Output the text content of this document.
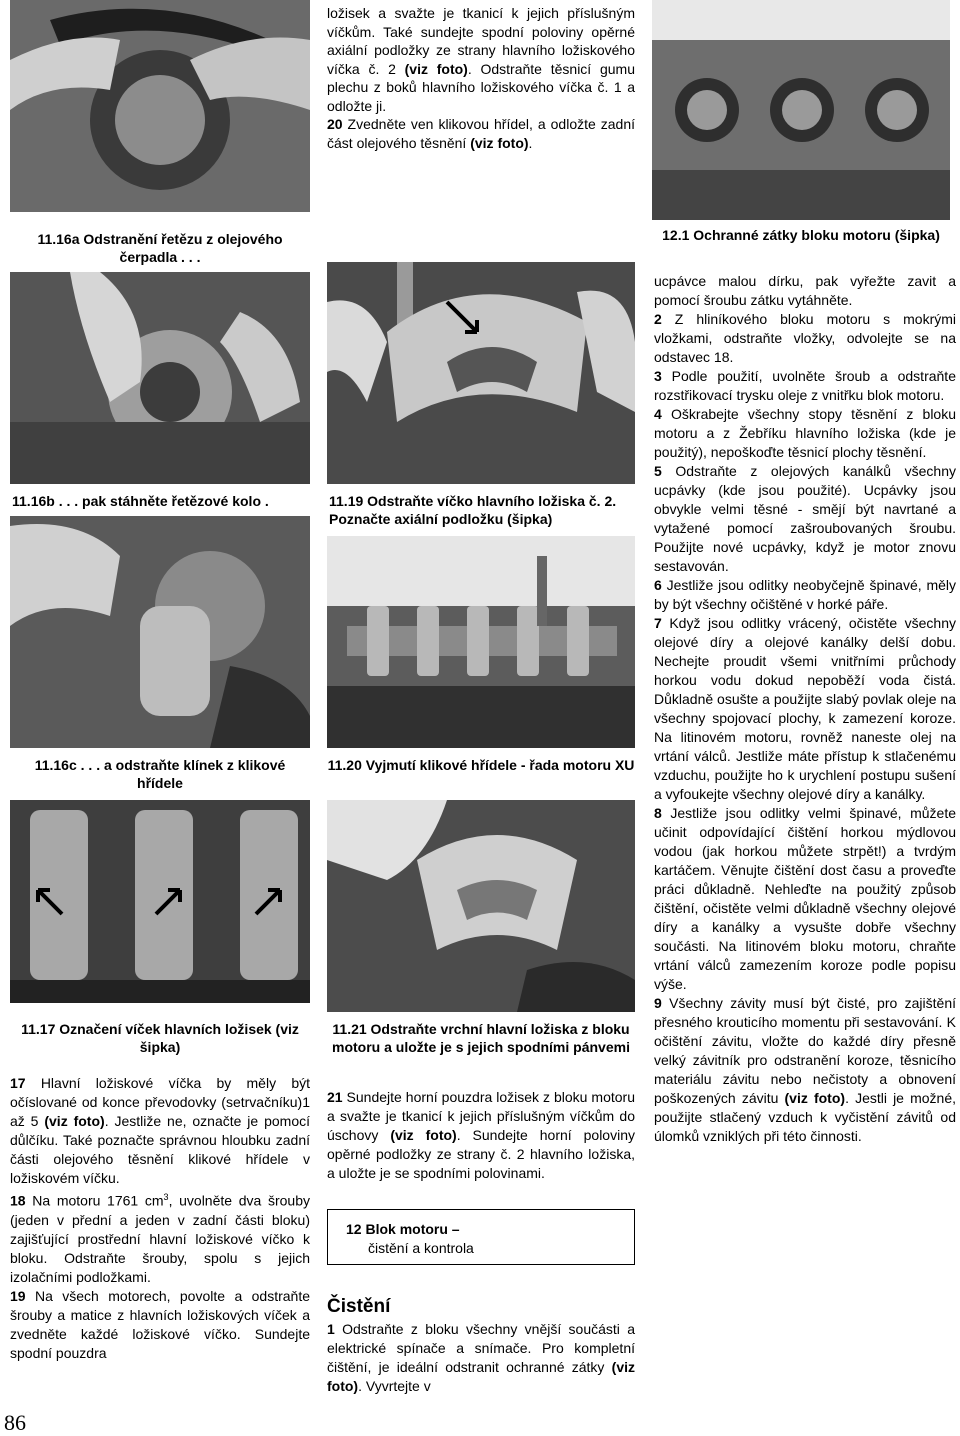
11.16a Odstranění řetězu z olejového čerpadla . . .
11.16b . . . pak stáhněte řetězové kolo .
11.16c . . . a odstraňte klínek z klikové hřídele
11.17 Označení víček hlavních ložisek (viz šipka)
11.19 Odstraňte víčko hlavního ložiska č. 2. Poznačte axiální podložku (šipka)
11.20 Vyjmutí klikové hřídele - řada motoru XU
11.21 Odstraňte vrchní hlavní ložiska z bloku motoru a uložte je s jejich spodními pánvemi
12.1 Ochranné zátky bloku motoru (šipka)

17 Hlavní ložiskové víčka by měly být očíslované od konce převodovky (setrvačníku)1 až 5 (viz foto). Jestliže ne, označte je pomocí důlčíku. Také poznačte správnou hloubku zadní části olejového těsnění klikové hřídele v ložiskovém víčku.

18 Na motoru 1761 $cm^3$, uvolněte dva šrouby (jeden v přední a jeden v zadní části bloku) zajišťující prostřední hlavní ložiskové víčko k bloku. Odstraňte šrouby, spolu s jejich izolačními podložkami.

19 Na všech motorech, povolte a odstraňte šrouby a matice z hlavních ložiskových víček a zvedněte každé ložiskové víčko. Sundejte spodní pouzdra

ložisek a svažte je tkanicí k jejich příslušným víčkům. Také sundejte spodní poloviny opěrné axiální podložky ze strany hlavního ložiskového víčka č. 2 (viz foto). Odstraňte těsnicí gumu plechu z boků hlavního ložiskového víčka č. 1 a odložte ji.

20 Zvedněte ven klikovou hřídel, a odložte zadní část olejového těsnění (viz foto).

21 Sundejte horní pouzdra ložisek z bloku motoru a svažte je tkanicí k jejich příslušným víčkům do úschovy (viz foto). Sundejte horní poloviny opěrné podložky ze strany č. 2 hlavního ložiska, a uložte je se spodními polovinami.

12 Blok motoru –
čistění a kontrola
Čistění

1 Odstraňte z bloku všechny vnější součásti a elektrické spínače a snímače. Pro kompletní čištění, je ideální odstranit ochranné zátky (viz foto). Vyvrtejte v

ucpávce malou dírku, pak vyřežte zavit a pomocí šroubu zátku vytáhněte.

2 Z hliníkového bloku motoru s mokrými vložkami, odstraňte vložky, odvolejte se na odstavec 18.

3 Podle použití, uvolněte šroub a odstraňte rozstřikovací trysku oleje z vnitřku blok motoru.

4 Oškrabejte všechny stopy těsnění z bloku motoru a z Žebříku hlavního ložiska (kde je použitý), nepoškoďte těsnicí plochy těsnění.

5 Odstraňte z olejových kanálků všechny ucpávky (kde jsou použité). Ucpávky jsou obvykle velmi těsné - smějí být navrtané a vytažené pomocí zašroubovaných šroubu. Použijte nové ucpávky, když je motor znovu sestavován.

6 Jestliže jsou odlitky neobyčejně špinavé, měly by být všechny očištěné v horké páře.

7 Když jsou odlitky vrácený, očistěte všechny olejové díry a olejové kanálky delší dobu. Nechejte proudit všemi vnitřními průchody horkou vodu dokud nepoběží voda čistá. Důkladně osušte a použijte slabý povlak oleje na všechny spojovací plochy, k zamezení koroze. Na litinovém motoru, rovněž naneste olej na vrtání válců. Jestliže máte přístup k stlačenému vzduchu, použijte ho k urychlení postupu sušení a vyfoukejte všechny olejové díry a kanálky.

8 Jestliže jsou odlitky velmi špinavé, můžete učinit odpovídající čištění horkou mýdlovou vodou (jak horkou můžete strpět!) a tvrdým kartáčem. Věnujte čištění dost času a proveďte práci důkladně. Nehleďte na použitý způsob čištění, očistěte velmi důkladně všechny olejové díry a kanálky a vysušte dobře všechny součásti. Na litinovém bloku motoru, chraňte vrtání válců zamezením koroze podle popisu výše.

9 Všechny závity musí být čisté, pro zajištění přesného krouticího momentu při sestavování. K očištění závitu, vložte do každé díry přesně velký závitník pro odstranění koroze, těsnicího materiálu závitu nebo nečistoty a obnovení poškozených závitu (viz foto). Jestli je možné, použijte stlačený vzduch k vyčistění závitů od úlomků vzniklých při této činnosti.

86
